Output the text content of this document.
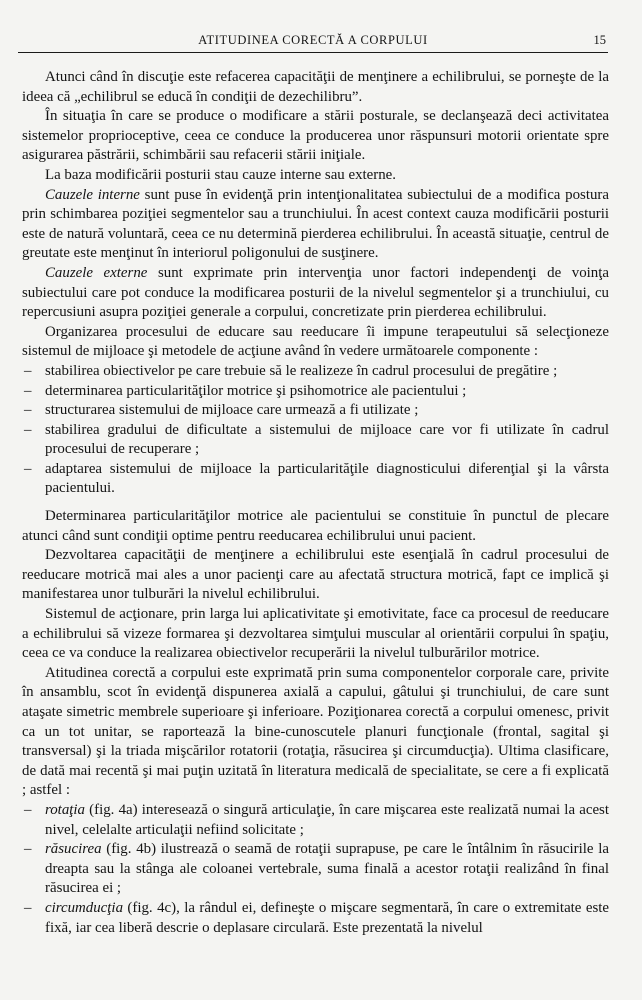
ATITUDINEA CORECTĂ A CORPULUI	15

Atunci când în discuţie este refacerea capacităţii de menţinere a echilibrului, se porneşte de la ideea că „echilibrul se educă în condiţii de dezechilibru”.

În situaţia în care se produce o modificare a stării posturale, se declanşează deci activitatea sistemelor proprioceptive, ceea ce conduce la producerea unor răspunsuri motorii orientate spre asigurarea păstrării, schimbării sau refacerii stării iniţiale.

La baza modificării posturii stau cauze interne sau externe.

Cauzele interne sunt puse în evidenţă prin intenţionalitatea subiectului de a modifica postura prin schimbarea poziţiei segmentelor sau a trunchiului. În acest context cauza modificării posturii este de natură voluntară, ceea ce nu determină pierderea echilibrului. În această situaţie, centrul de greutate este menţinut în interiorul poligonului de susţinere.

Cauzele externe sunt exprimate prin intervenţia unor factori independenţi de voinţa subiectului care pot conduce la modificarea posturii de la nivelul segmentelor şi a trunchiului, cu repercusiuni asupra poziţiei generale a corpului, concretizate prin pierderea echilibrului.

Organizarea procesului de educare sau reeducare îi impune terapeutului să selecţioneze sistemul de mijloace şi metodele de acţiune având în vedere următoarele componente :

– stabilirea obiectivelor pe care trebuie să le realizeze în cadrul procesului de pregătire ;
– determinarea particularităţilor motrice şi psihomotrice ale pacientului ;
– structurarea sistemului de mijloace care urmează a fi utilizate ;
– stabilirea gradului de dificultate a sistemului de mijloace care vor fi utilizate în cadrul procesului de recuperare ;
– adaptarea sistemului de mijloace la particularităţile diagnosticului diferenţial şi la vârsta pacientului.

Determinarea particularităţilor motrice ale pacientului se constituie în punctul de plecare atunci când sunt condiţii optime pentru reeducarea echilibrului unui pacient.

Dezvoltarea capacităţii de menţinere a echilibrului este esenţială în cadrul procesului de reeducare motrică mai ales a unor pacienţi care au afectată structura motrică, fapt ce implică şi manifestarea unor tulburări la nivelul echilibrului.

Sistemul de acţionare, prin larga lui aplicativitate şi emotivitate, face ca procesul de reeducare a echilibrului să vizeze formarea şi dezvoltarea simţului muscular al orientării corpului în spaţiu, ceea ce va conduce la realizarea obiectivelor recuperării la nivelul tulburărilor motrice.

Atitudinea corectă a corpului este exprimată prin suma componentelor corporale care, privite în ansamblu, scot în evidenţă dispunerea axială a capului, gâtului şi trunchiului, de care sunt ataşate simetric membrele superioare şi inferioare. Poziţionarea corectă a corpului omenesc, privit ca un tot unitar, se raportează la bine-cunoscutele planuri funcţionale (frontal, sagital şi transversal) şi la triada mişcărilor rotatorii (rotaţia, răsucirea şi circumducţia). Ultima clasificare, de dată mai recentă şi mai puţin uzitată în literatura medicală de specialitate, se cere a fi explicată ; astfel :

– rotaţia (fig. 4a) interesează o singură articulaţie, în care mişcarea este realizată numai la acest nivel, celelalte articulaţii nefiind solicitate ;
– răsucirea (fig. 4b) ilustrează o seamă de rotaţii suprapuse, pe care le întâlnim în răsucirile la dreapta sau la stânga ale coloanei vertebrale, suma finală a acestor rotaţii realizând în final răsucirea ei ;
– circumducţia (fig. 4c), la rândul ei, defineşte o mişcare segmentară, în care o extremitate este fixă, iar cea liberă descrie o deplasare circulară. Este prezentată la nivelul
